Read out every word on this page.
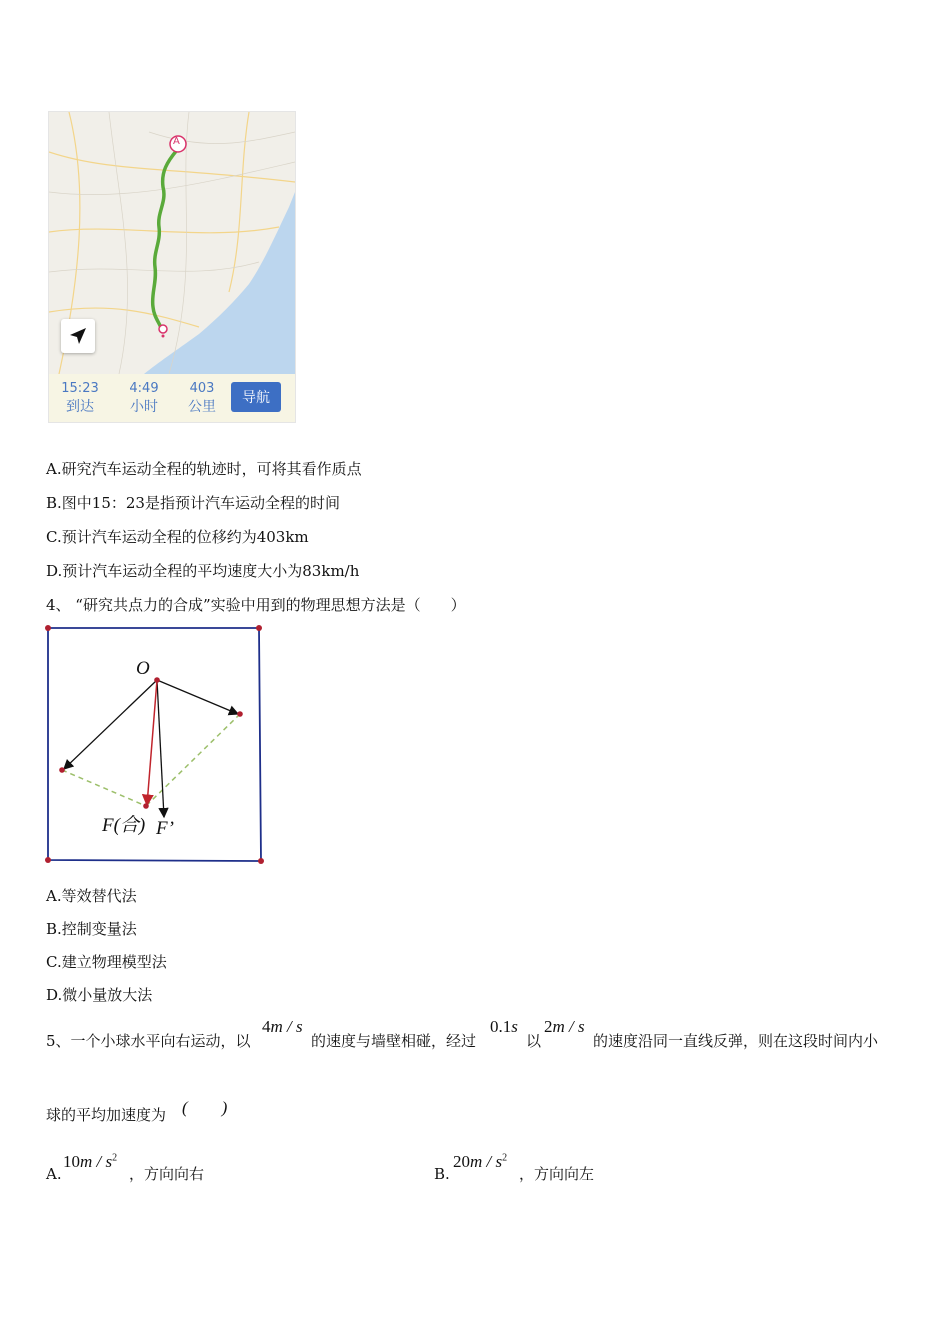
A
15:23
到达
4:49
小时
403
公里
导航
A.研究汽车运动全程的轨迹时，可将其看作质点
B.图中15：23是指预计汽车运动全程的时间
C.预计汽车运动全程的位移约为403km
D.预计汽车运动全程的平均速度大小为83km/h
4、 “研究共点力的合成”实验中用到的物理思想方法是（　　）
O
F(合) F’
A.等效替代法
B.控制变量法
C.建立物理模型法
D.微小量放大法
5、一个小球水平向右运动，以
4m / s
的速度与墙壁相碰，经过
0.1s
以
2m / s
的速度沿同一直线反弹，则在这段时间内小
球的平均加速度为 (　　)
A.
$10m / s^2$
，方向向右	B.
$20m / s^2$
，方向向左
